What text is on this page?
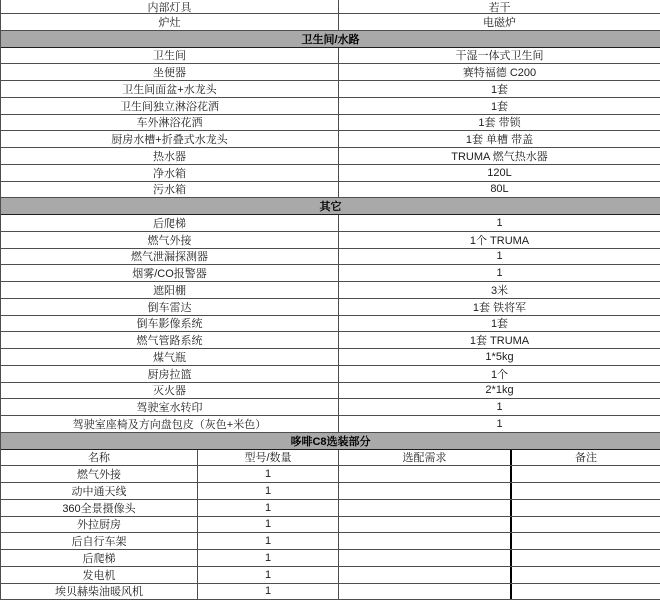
内部灯具	若干
炉灶	电磁炉
卫生间/水路
卫生间	干湿一体式卫生间
坐便器	赛特福德 C200
卫生间面盆+水龙头	1套
卫生间独立淋浴花洒	1套
车外淋浴花洒	1套 带锁
厨房水槽+折叠式水龙头	1套 单槽 带盖
热水器	TRUMA 燃气热水器
净水箱	120L
污水箱	80L
其它
后爬梯	1
燃气外接	1个 TRUMA
燃气泄漏探测器	1
烟雾/CO报警器	1
遮阳棚	3米
倒车雷达	1套 铁将军
倒车影像系统	1套
燃气管路系统	1套 TRUMA
煤气瓶	1*5kg
厨房拉篮	1个
灭火器	2*1kg
驾驶室水转印	1
驾驶室座椅及方向盘包皮（灰色+米色）	1
哆啡C8选装部分
名称	型号/数量	选配需求	备注
燃气外接	1
动中通天线	1
360全景摄像头	1
外拉厨房	1
后自行车架	1
后爬梯	1
发电机	1
埃贝赫柴油暖风机	1
